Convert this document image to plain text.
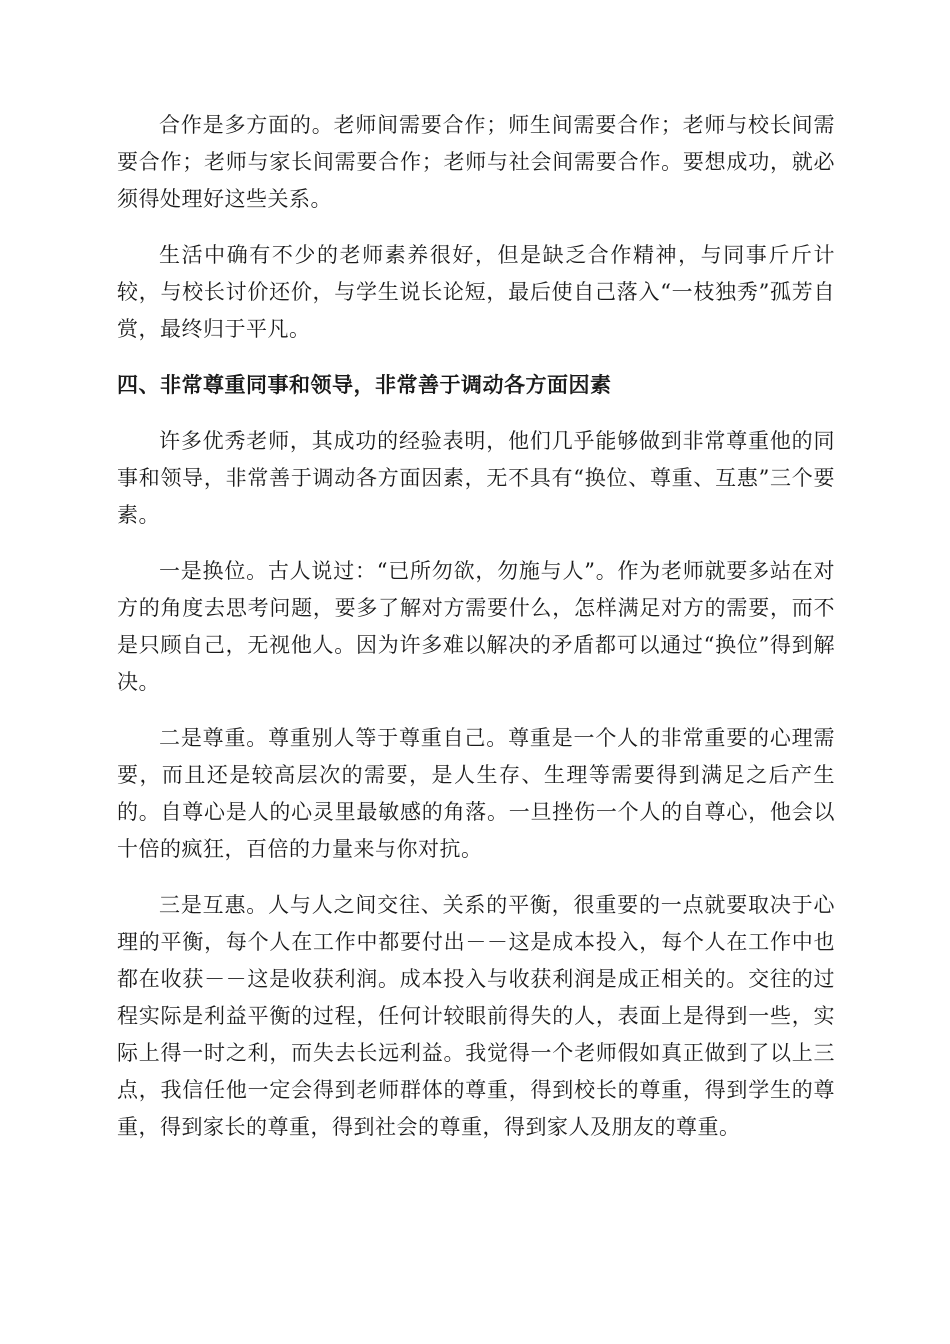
合作是多方面的。老师间需要合作；师生间需要合作；老师与校长间需要合作；老师与家长间需要合作；老师与社会间需要合作。要想成功，就必须得处理好这些关系。

生活中确有不少的老师素养很好，但是缺乏合作精神，与同事斤斤计较，与校长讨价还价，与学生说长论短，最后使自己落入“一枝独秀”孤芳自赏，最终归于平凡。

四、非常尊重同事和领导，非常善于调动各方面因素

许多优秀老师，其成功的经验表明，他们几乎能够做到非常尊重他的同事和领导，非常善于调动各方面因素，无不具有“换位、尊重、互惠”三个要素。

一是换位。古人说过：“已所勿欲，勿施与人”。作为老师就要多站在对方的角度去思考问题，要多了解对方需要什么，怎样满足对方的需要，而不是只顾自己，无视他人。因为许多难以解决的矛盾都可以通过“换位”得到解决。

二是尊重。尊重别人等于尊重自己。尊重是一个人的非常重要的心理需要，而且还是较高层次的需要，是人生存、生理等需要得到满足之后产生的。自尊心是人的心灵里最敏感的角落。一旦挫伤一个人的自尊心，他会以十倍的疯狂，百倍的力量来与你对抗。

三是互惠。人与人之间交往、关系的平衡，很重要的一点就要取决于心理的平衡，每个人在工作中都要付出－－这是成本投入，每个人在工作中也都在收获－－这是收获利润。成本投入与收获利润是成正相关的。交往的过程实际是利益平衡的过程，任何计较眼前得失的人，表面上是得到一些，实际上得一时之利，而失去长远利益。我觉得一个老师假如真正做到了以上三点，我信任他一定会得到老师群体的尊重，得到校长的尊重，得到学生的尊重，得到家长的尊重，得到社会的尊重，得到家人及朋友的尊重。
